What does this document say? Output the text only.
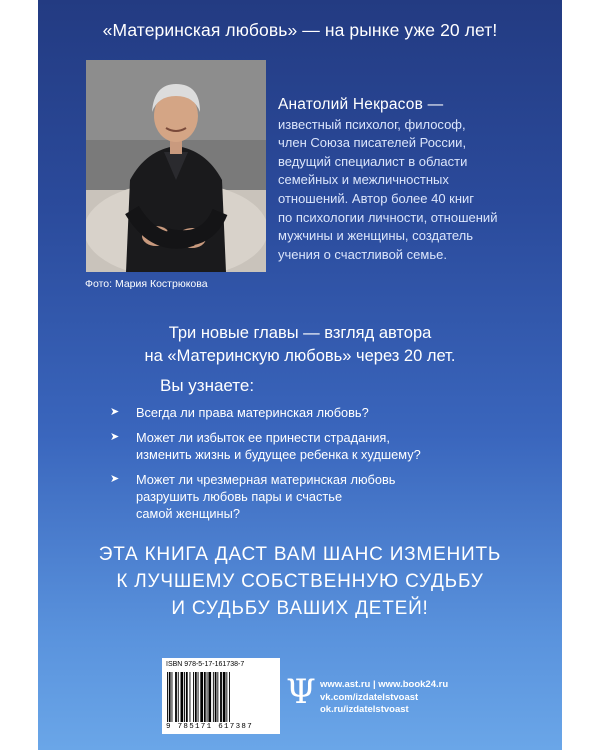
«Материнская любовь» — на рынке уже 20 лет!
Фото: Мария Кострюкова
Анатолий Некрасов —
известный психолог, философ,
член Союза писателей России,
ведущий специалист в области
семейных и межличностных
отношений. Автор более 40 книг
по психологии личности, отношений
мужчины и женщины, создатель
учения о счастливой семье.
Три новые главы — взгляд автора
на «Материнскую любовь» через 20 лет.
Вы узнаете:
➤ Всегда ли права материнская любовь?
➤ Может ли избыток ее принести страдания,
изменить жизнь и будущее ребенка к худшему?
➤ Может ли чрезмерная материнская любовь
разрушить любовь пары и счастье
самой женщины?
ЭТА КНИГА ДАСТ ВАМ ШАНС ИЗМЕНИТЬ
К ЛУЧШЕМУ СОБСТВЕННУЮ СУДЬБУ
И СУДЬБУ ВАШИХ ДЕТЕЙ!
ISBN 978-5-17-161738-7
9 785171 617387
Ψ www.ast.ru | www.book24.ru
vk.com/izdatelstvoast
ok.ru/izdatelstvoast
